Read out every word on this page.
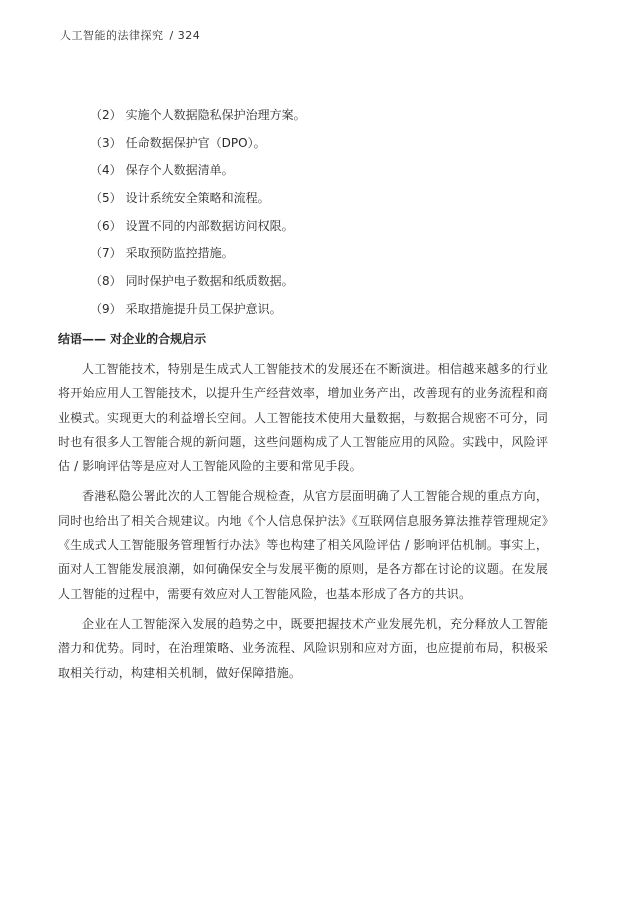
人工智能的法律探究 / 324
（2） 实施个人数据隐私保护治理方案。
（3） 任命数据保护官（DPO）。
（4） 保存个人数据清单。
（5） 设计系统安全策略和流程。
（6） 设置不同的内部数据访问权限。
（7） 采取预防监控措施。
（8） 同时保护电子数据和纸质数据。
（9） 采取措施提升员工保护意识。
结语—— 对企业的合规启示

人工智能技术，特别是生成式人工智能技术的发展还在不断演进。相信越来越多的行业将开始应用人工智能技术，以提升生产经营效率，增加业务产出，改善现有的业务流程和商业模式。实现更大的利益增长空间。人工智能技术使用大量数据，与数据合规密不可分，同时也有很多人工智能合规的新问题，这些问题构成了人工智能应用的风险。实践中，风险评估 / 影响评估等是应对人工智能风险的主要和常见手段。

香港私隐公署此次的人工智能合规检查，从官方层面明确了人工智能合规的重点方向，同时也给出了相关合规建议。内地《个人信息保护法》《互联网信息服务算法推荐管理规定》《生成式人工智能服务管理暂行办法》等也构建了相关风险评估 / 影响评估机制。事实上，面对人工智能发展浪潮，如何确保安全与发展平衡的原则，是各方都在讨论的议题。在发展人工智能的过程中，需要有效应对人工智能风险，也基本形成了各方的共识。

企业在人工智能深入发展的趋势之中，既要把握技术产业发展先机，充分释放人工智能潜力和优势。同时，在治理策略、业务流程、风险识别和应对方面，也应提前布局，积极采取相关行动，构建相关机制，做好保障措施。
